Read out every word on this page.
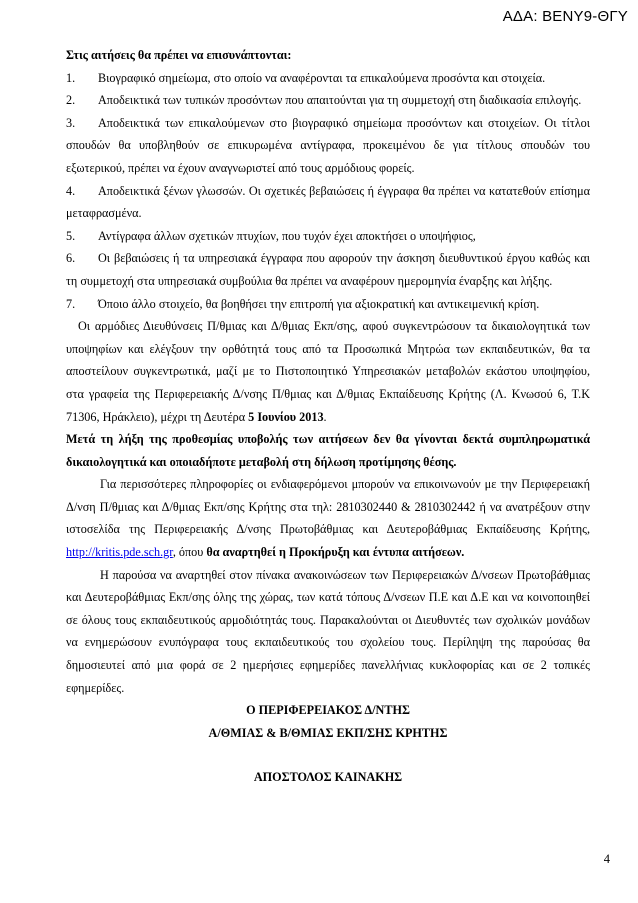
ΑΔΑ: ΒΕΝΥ9-ΘΓΥ

Στις αιτήσεις θα πρέπει να επισυνάπτονται:

1. Βιογραφικό σημείωμα, στο οποίο να αναφέρονται τα επικαλούμενα προσόντα και στοιχεία.

2. Αποδεικτικά των τυπικών προσόντων που απαιτούνται για τη συμμετοχή στη διαδικασία επιλογής.

3. Αποδεικτικά των επικαλούμενων στο βιογραφικό σημείωμα προσόντων και στοιχείων. Οι τίτλοι σπουδών θα υποβληθούν σε επικυρωμένα αντίγραφα, προκειμένου δε για τίτλους σπουδών του εξωτερικού, πρέπει να έχουν αναγνωριστεί από τους αρμόδιους φορείς.

4. Αποδεικτικά ξένων γλωσσών. Οι σχετικές βεβαιώσεις ή έγγραφα θα πρέπει να κατατεθούν επίσημα μεταφρασμένα.

5. Αντίγραφα άλλων σχετικών πτυχίων, που τυχόν έχει αποκτήσει ο υποψήφιος,

6. Οι βεβαιώσεις ή τα υπηρεσιακά έγγραφα που αφορούν την άσκηση διευθυντικού έργου καθώς και τη συμμετοχή στα υπηρεσιακά συμβούλια θα πρέπει να αναφέρουν ημερομηνία έναρξης και λήξης.

7. Όποιο άλλο στοιχείο, θα βοηθήσει την επιτροπή για αξιοκρατική και αντικειμενική κρίση.

Οι αρμόδιες Διευθύνσεις Π/θμιας και Δ/θμιας Εκπ/σης, αφού συγκεντρώσουν τα δικαιολογητικά των υποψηφίων και ελέγξουν την ορθότητά τους από τα Προσωπικά Μητρώα των εκπαιδευτικών, θα τα αποστείλουν συγκεντρωτικά, μαζί με το Πιστοποιητικό Υπηρεσιακών μεταβολών εκάστου υποψηφίου, στα γραφεία της Περιφερειακής Δ/νσης Π/θμιας και Δ/θμιας Εκπαίδευσης Κρήτης (Λ. Κνωσού 6, Τ.Κ 71306, Ηράκλειο), μέχρι τη Δευτέρα 5 Ιουνίου 2013.

Μετά τη λήξη της προθεσμίας υποβολής των αιτήσεων δεν θα γίνονται δεκτά συμπληρωματικά δικαιολογητικά και οποιαδήποτε μεταβολή στη δήλωση προτίμησης θέσης.

Για περισσότερες πληροφορίες οι ενδιαφερόμενοι μπορούν να επικοινωνούν με την Περιφερειακή Δ/νση Π/θμιας και Δ/θμιας Εκπ/σης Κρήτης στα τηλ: 2810302440 & 2810302442 ή να ανατρέξουν στην ιστοσελίδα της Περιφερειακής Δ/νσης Πρωτοβάθμιας και Δευτεροβάθμιας Εκπαίδευσης Κρήτης, http://kritis.pde.sch.gr, όπου θα αναρτηθεί η Προκήρυξη και έντυπα αιτήσεων.

Η παρούσα να αναρτηθεί στον πίνακα ανακοινώσεων των Περιφερειακών Δ/νσεων Πρωτοβάθμιας και Δευτεροβάθμιας Εκπ/σης όλης της χώρας, των κατά τόπους Δ/νσεων Π.Ε και Δ.Ε και να κοινοποιηθεί σε όλους τους εκπαιδευτικούς αρμοδιότητάς τους. Παρακαλούνται οι Διευθυντές των σχολικών μονάδων να ενημερώσουν ενυπόγραφα τους εκπαιδευτικούς του σχολείου τους. Περίληψη της παρούσας θα δημοσιευτεί από μια φορά σε 2 ημερήσιες εφημερίδες πανελλήνιας κυκλοφορίας και σε 2 τοπικές εφημερίδες.

Ο ΠΕΡΙΦΕΡΕΙΑΚΟΣ Δ/ΝΤΗΣ

Α/ΘΜΙΑΣ & Β/ΘΜΙΑΣ ΕΚΠ/ΣΗΣ ΚΡΗΤΗΣ

ΑΠΟΣΤΟΛΟΣ ΚΑΙΝΑΚΗΣ

4
